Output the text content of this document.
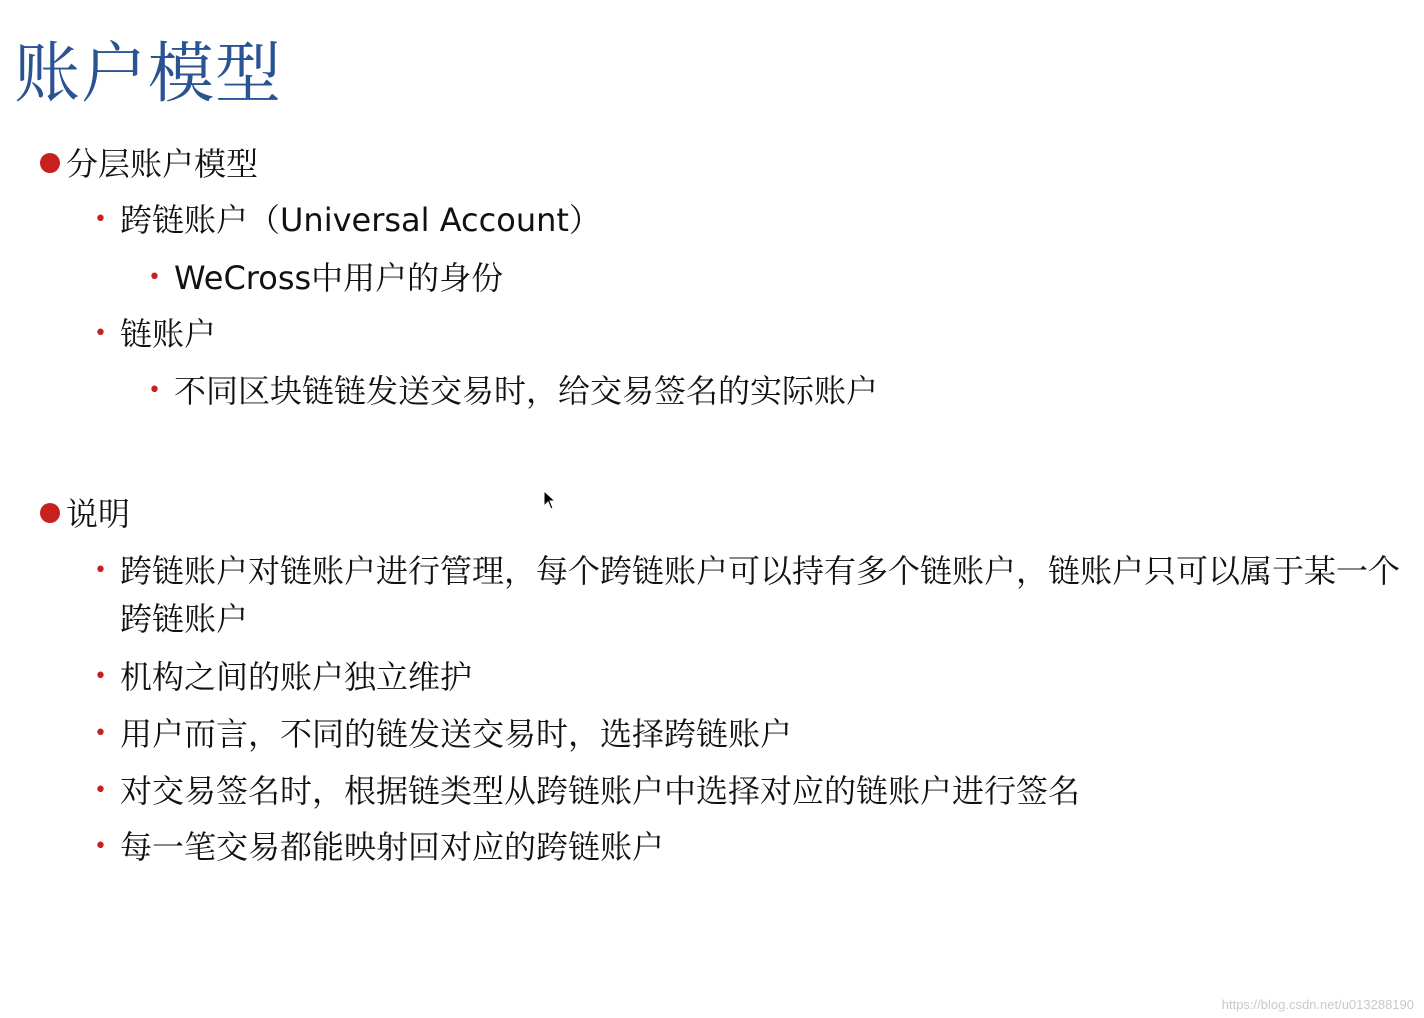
账户模型
分层账户模型
• 跨链账户（Universal Account）
• WeCross中用户的身份
• 链账户
• 不同区块链链发送交易时，给交易签名的实际账户
说明
• 跨链账户对链账户进行管理，每个跨链账户可以持有多个链账户，链账户只可以属于某一个跨链账户
• 机构之间的账户独立维护
• 用户而言，不同的链发送交易时，选择跨链账户
• 对交易签名时，根据链类型从跨链账户中选择对应的链账户进行签名
• 每一笔交易都能映射回对应的跨链账户
https://blog.csdn.net/u013288190
